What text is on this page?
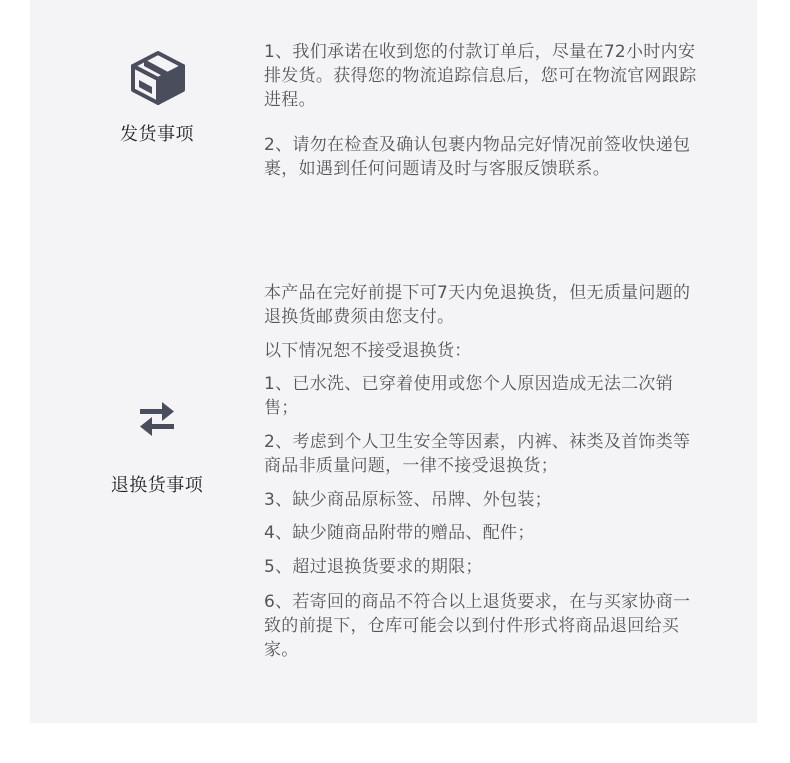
发货事项

1、我们承诺在收到您的付款订单后，尽量在72小时内安排发货。获得您的物流追踪信息后，您可在物流官网跟踪进程。

2、请勿在检查及确认包裹内物品完好情况前签收快递包裹，如遇到任何问题请及时与客服反馈联系。

退换货事项

本产品在完好前提下可7天内免退换货，但无质量问题的退换货邮费须由您支付。

以下情况恕不接受退换货：

1、已水洗、已穿着使用或您个人原因造成无法二次销售；

2、考虑到个人卫生安全等因素，内裤、袜类及首饰类等商品非质量问题，一律不接受退换货；

3、缺少商品原标签、吊牌、外包装；

4、缺少随商品附带的赠品、配件；

5、超过退换货要求的期限；

6、若寄回的商品不符合以上退货要求，在与买家协商一致的前提下，仓库可能会以到付件形式将商品退回给买家。
